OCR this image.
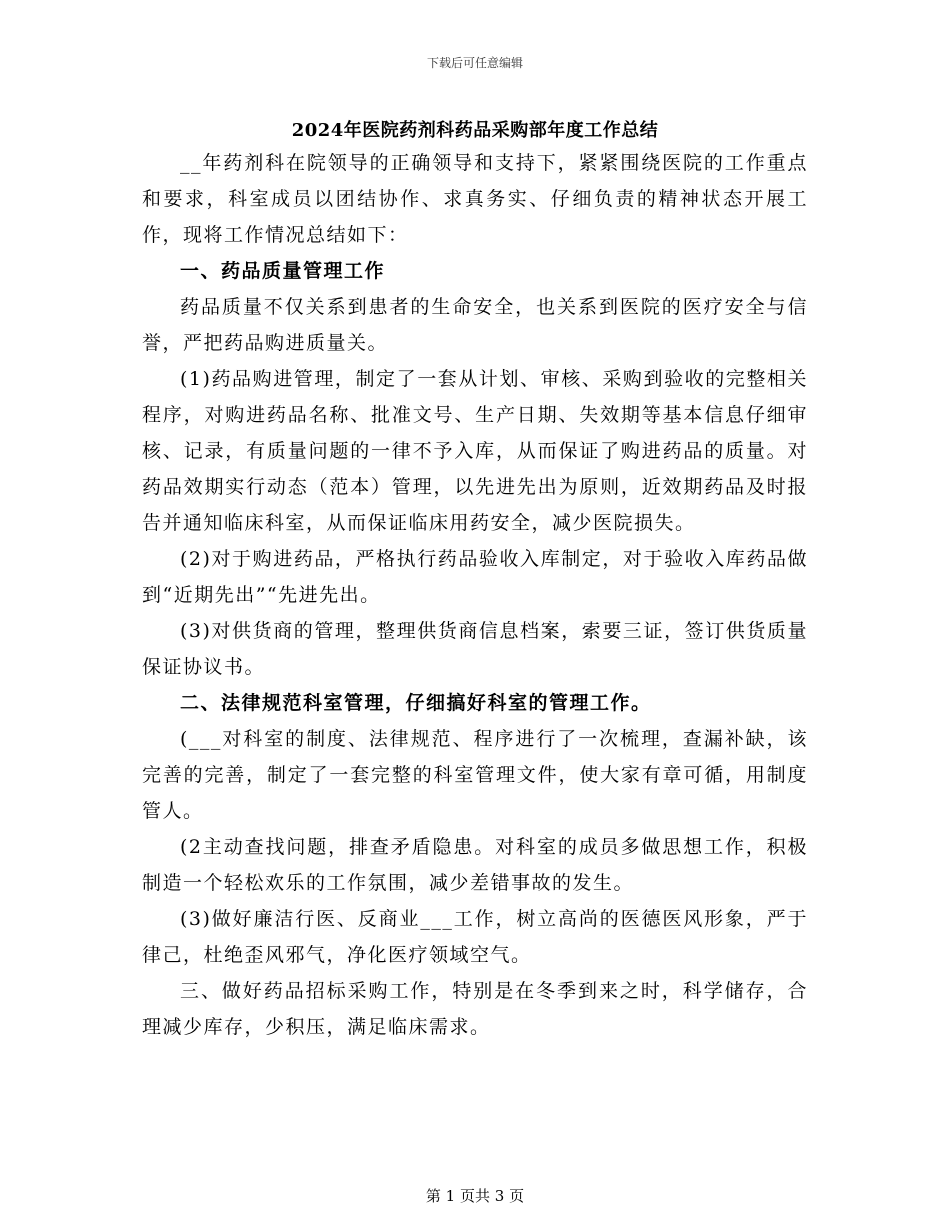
下载后可任意编辑
2024年医院药剂科药品采购部年度工作总结

__年药剂科在院领导的正确领导和支持下，紧紧围绕医院的工作重点和要求，科室成员以团结协作、求真务实、仔细负责的精神状态开展工作，现将工作情况总结如下：

一、药品质量管理工作

药品质量不仅关系到患者的生命安全，也关系到医院的医疗安全与信誉，严把药品购进质量关。

(1)药品购进管理，制定了一套从计划、审核、采购到验收的完整相关程序，对购进药品名称、批准文号、生产日期、失效期等基本信息仔细审核、记录，有质量问题的一律不予入库，从而保证了购进药品的质量。对药品效期实行动态（范本）管理，以先进先出为原则，近效期药品及时报告并通知临床科室，从而保证临床用药安全，减少医院损失。

(2)对于购进药品，严格执行药品验收入库制定，对于验收入库药品做到“近期先出”“先进先出。

(3)对供货商的管理，整理供货商信息档案，索要三证，签订供货质量保证协议书。

二、法律规范科室管理，仔细搞好科室的管理工作。

(___对科室的制度、法律规范、程序进行了一次梳理，查漏补缺，该完善的完善，制定了一套完整的科室管理文件，使大家有章可循，用制度管人。

(2主动查找问题，排查矛盾隐患。对科室的成员多做思想工作，积极制造一个轻松欢乐的工作氛围，减少差错事故的发生。

(3)做好廉洁行医、反商业___工作，树立高尚的医德医风形象，严于律己，杜绝歪风邪气，净化医疗领域空气。

三、做好药品招标采购工作，特别是在冬季到来之时，科学储存，合理减少库存，少积压，满足临床需求。

第 1 页共 3 页
